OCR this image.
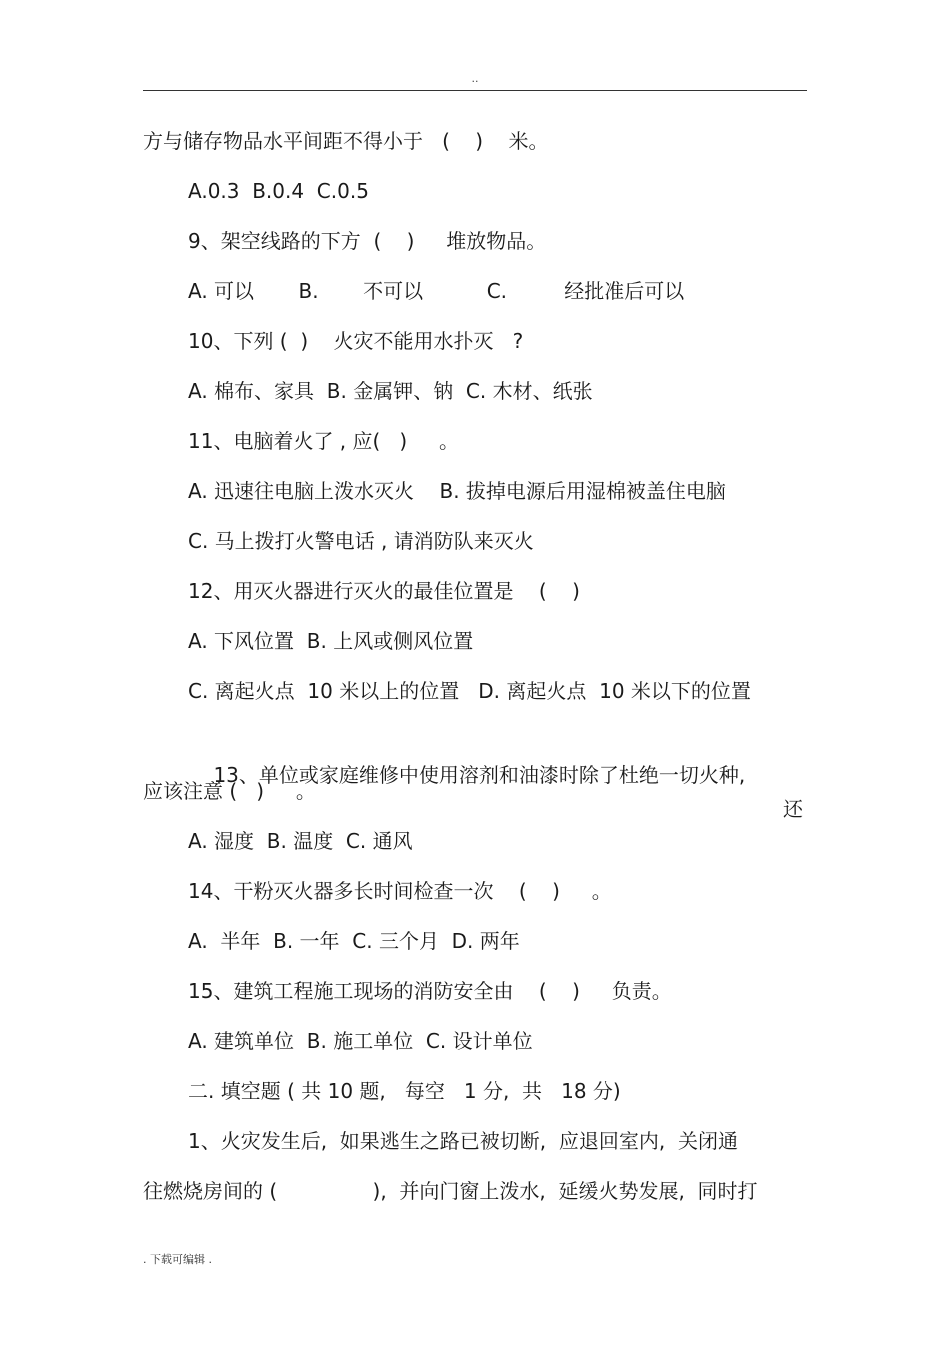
..
方与储存物品水平间距不得小于   (    )    米。
A.0.3  B.0.4  C.0.5
9、架空线路的下方  (    )     堆放物品。
A. 可以       B.       不可以          C.         经批准后可以
10、下列 (  )    火灾不能用水扑灭   ?
A. 棉布、家具  B. 金属钾、钠  C. 木材、纸张
11、电脑着火了 , 应(   )     。
A. 迅速往电脑上泼水灭火    B. 拔掉电源后用湿棉被盖住电脑
C. 马上拨打火警电话 , 请消防队来灭火
12、用灭火器进行灭火的最佳位置是    (    )
A. 下风位置  B. 上风或侧风位置
C. 离起火点  10 米以上的位置   D. 离起火点  10 米以下的位置

13、单位或家庭维修中使用溶剂和油漆时除了杜绝一切火种,

还

应该注意 (   )     。
A. 湿度  B. 温度  C. 通风
14、干粉灭火器多长时间检查一次    (    )     。
A.  半年  B. 一年  C. 三个月  D. 两年
15、建筑工程施工现场的消防安全由    (    )     负责。
A. 建筑单位  B. 施工单位  C. 设计单位
二. 填空题 ( 共 10 题,   每空   1 分,  共   18 分)
1、火灾发生后,  如果逃生之路已被切断,  应退回室内,  关闭通
往燃烧房间的 (               ),  并向门窗上泼水,  延缓火势发展,  同时打
. 下载可编辑 .
